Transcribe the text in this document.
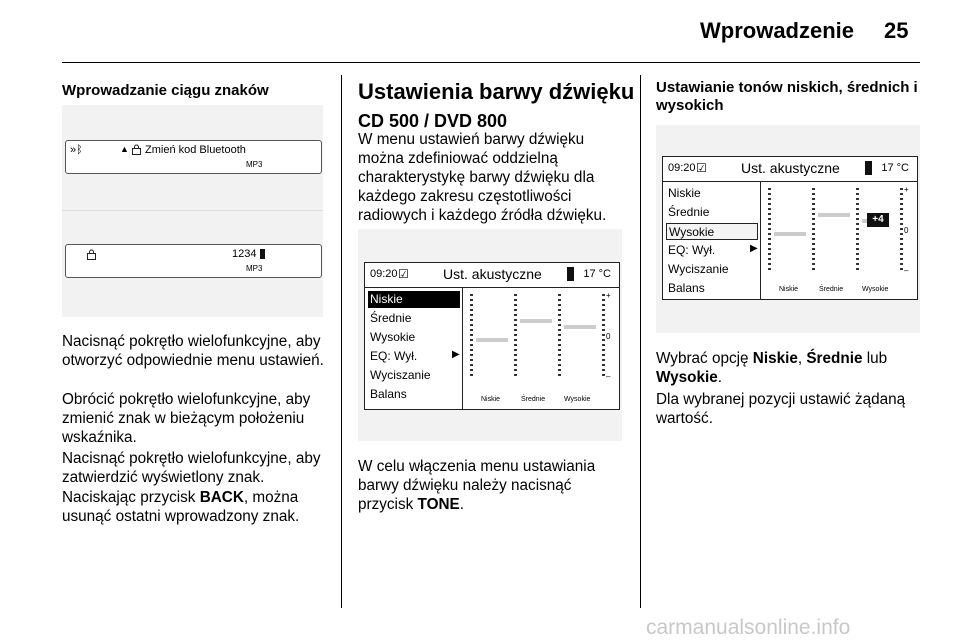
Wprowadzenie 25
Wprowadzanie ciągu znaków
»ᛒ	▲ Zmień kod Bluetooth
MP3
1234
MP3

Nacisnąć pokrętło wielofunkcyjne, aby otworzyć odpowiednie menu ustawień.

Obrócić pokrętło wielofunkcyjne, aby zmienić znak w bieżącym położeniu wskaźnika.

Nacisnąć pokrętło wielofunkcyjne, aby zatwierdzić wyświetlony znak.

Naciskając przycisk BACK, można usunąć ostatni wprowadzony znak.

Ustawienia barwy dźwięku
CD 500 / DVD 800

W menu ustawień barwy dźwięku można zdefiniować oddzielną charakterystykę barwy dźwięku dla każdego zakresu częstotliwości radiowych i każdego źródła dźwięku.

09:20 ☑ Ust. akustyczne	17 °C
Niskie
Średnie
Wysokie
EQ: Wył.	▶
Wyciszanie
Balans
+
0
–
Niskie	Średnie	Wysokie

W celu włączenia menu ustawiania barwy dźwięku należy nacisnąć przycisk TONE.

Ustawianie tonów niskich, średnich i wysokich
09:20 ☑ Ust. akustyczne	17 °C
Niskie
Średnie
Wysokie
EQ: Wył.	▶
Wyciszanie
Balans
+4
+
0
–
Niskie	Średnie	Wysokie

Wybrać opcję Niskie, Średnie lub Wysokie.

Dla wybranej pozycji ustawić żądaną wartość.

carmanualsonline.info
